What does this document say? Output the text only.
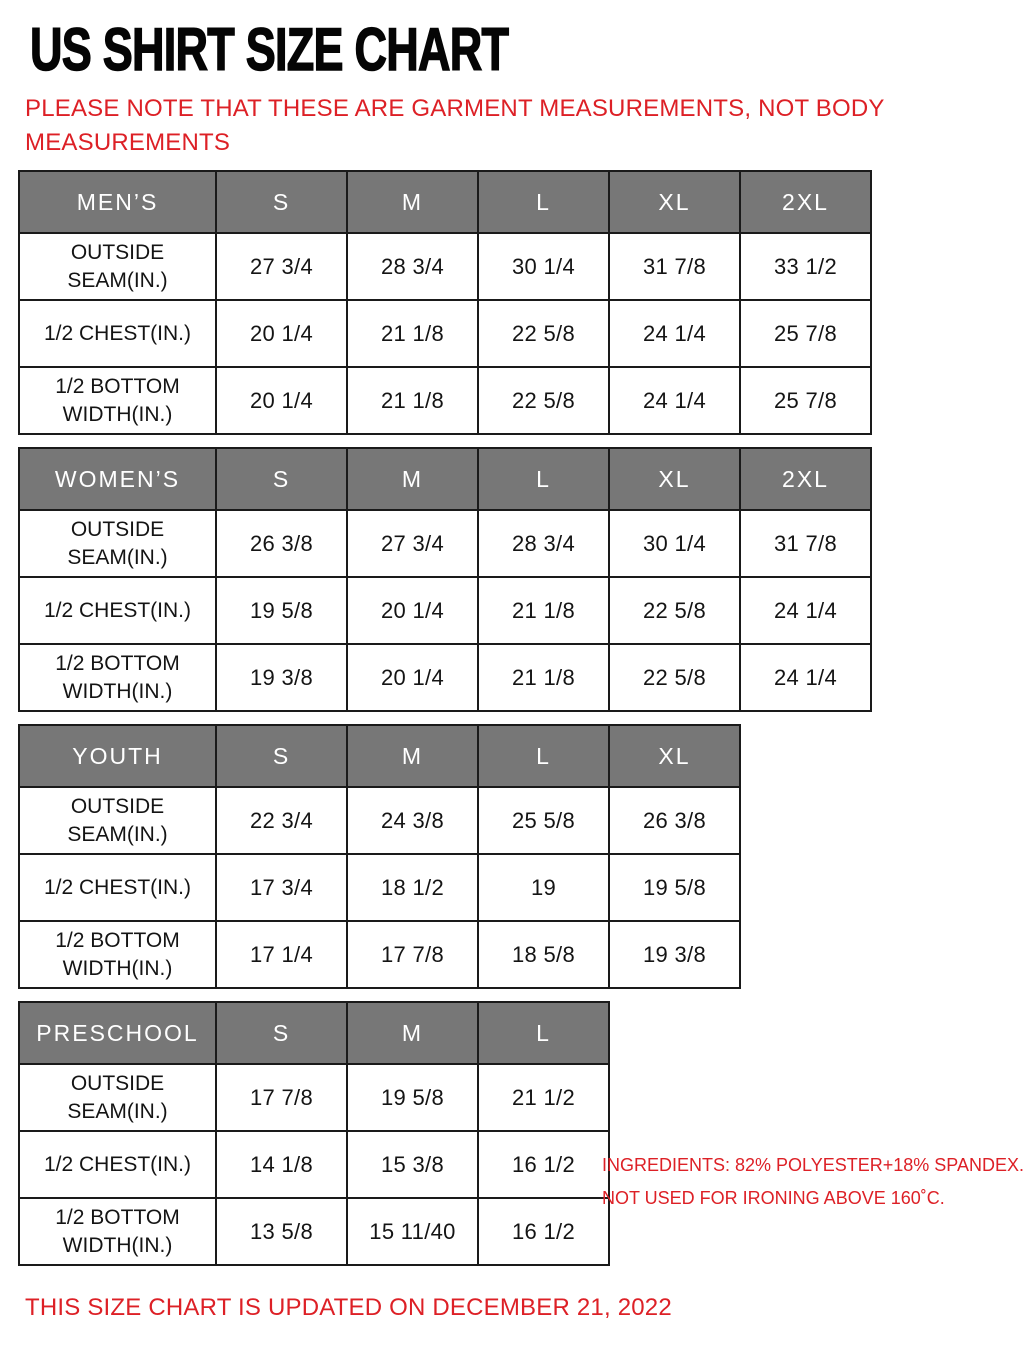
US SHIRT SIZE CHART
PLEASE NOTE THAT THESE ARE GARMENT MEASUREMENTS, NOT BODY
MEASUREMENTS
MEN’S	S	M	L	XL	2XL
OUTSIDE SEAM(IN.)	27 3/4	28 3/4	30 1/4	31 7/8	33 1/2
1/2 CHEST(IN.)	20 1/4	21 1/8	22 5/8	24 1/4	25 7/8
1/2 BOTTOM WIDTH(IN.)	20 1/4	21 1/8	22 5/8	24 1/4	25 7/8
WOMEN’S	S	M	L	XL	2XL
OUTSIDE SEAM(IN.)	26 3/8	27 3/4	28 3/4	30 1/4	31 7/8
1/2 CHEST(IN.)	19 5/8	20 1/4	21 1/8	22 5/8	24 1/4
1/2 BOTTOM WIDTH(IN.)	19 3/8	20 1/4	21 1/8	22 5/8	24 1/4
YOUTH	S	M	L	XL
OUTSIDE SEAM(IN.)	22 3/4	24 3/8	25 5/8	26 3/8
1/2 CHEST(IN.)	17 3/4	18 1/2	19	19 5/8
1/2 BOTTOM WIDTH(IN.)	17 1/4	17 7/8	18 5/8	19 3/8
PRESCHOOL	S	M	L
OUTSIDE SEAM(IN.)	17 7/8	19 5/8	21 1/2
1/2 CHEST(IN.)	14 1/8	15 3/8	16 1/2
1/2 BOTTOM WIDTH(IN.)	13 5/8	15 11/40	16 1/2
INGREDIENTS: 82% POLYESTER+18% SPANDEX.
NOT USED FOR IRONING ABOVE 160˚C.
THIS SIZE CHART IS UPDATED ON DECEMBER 21, 2022
